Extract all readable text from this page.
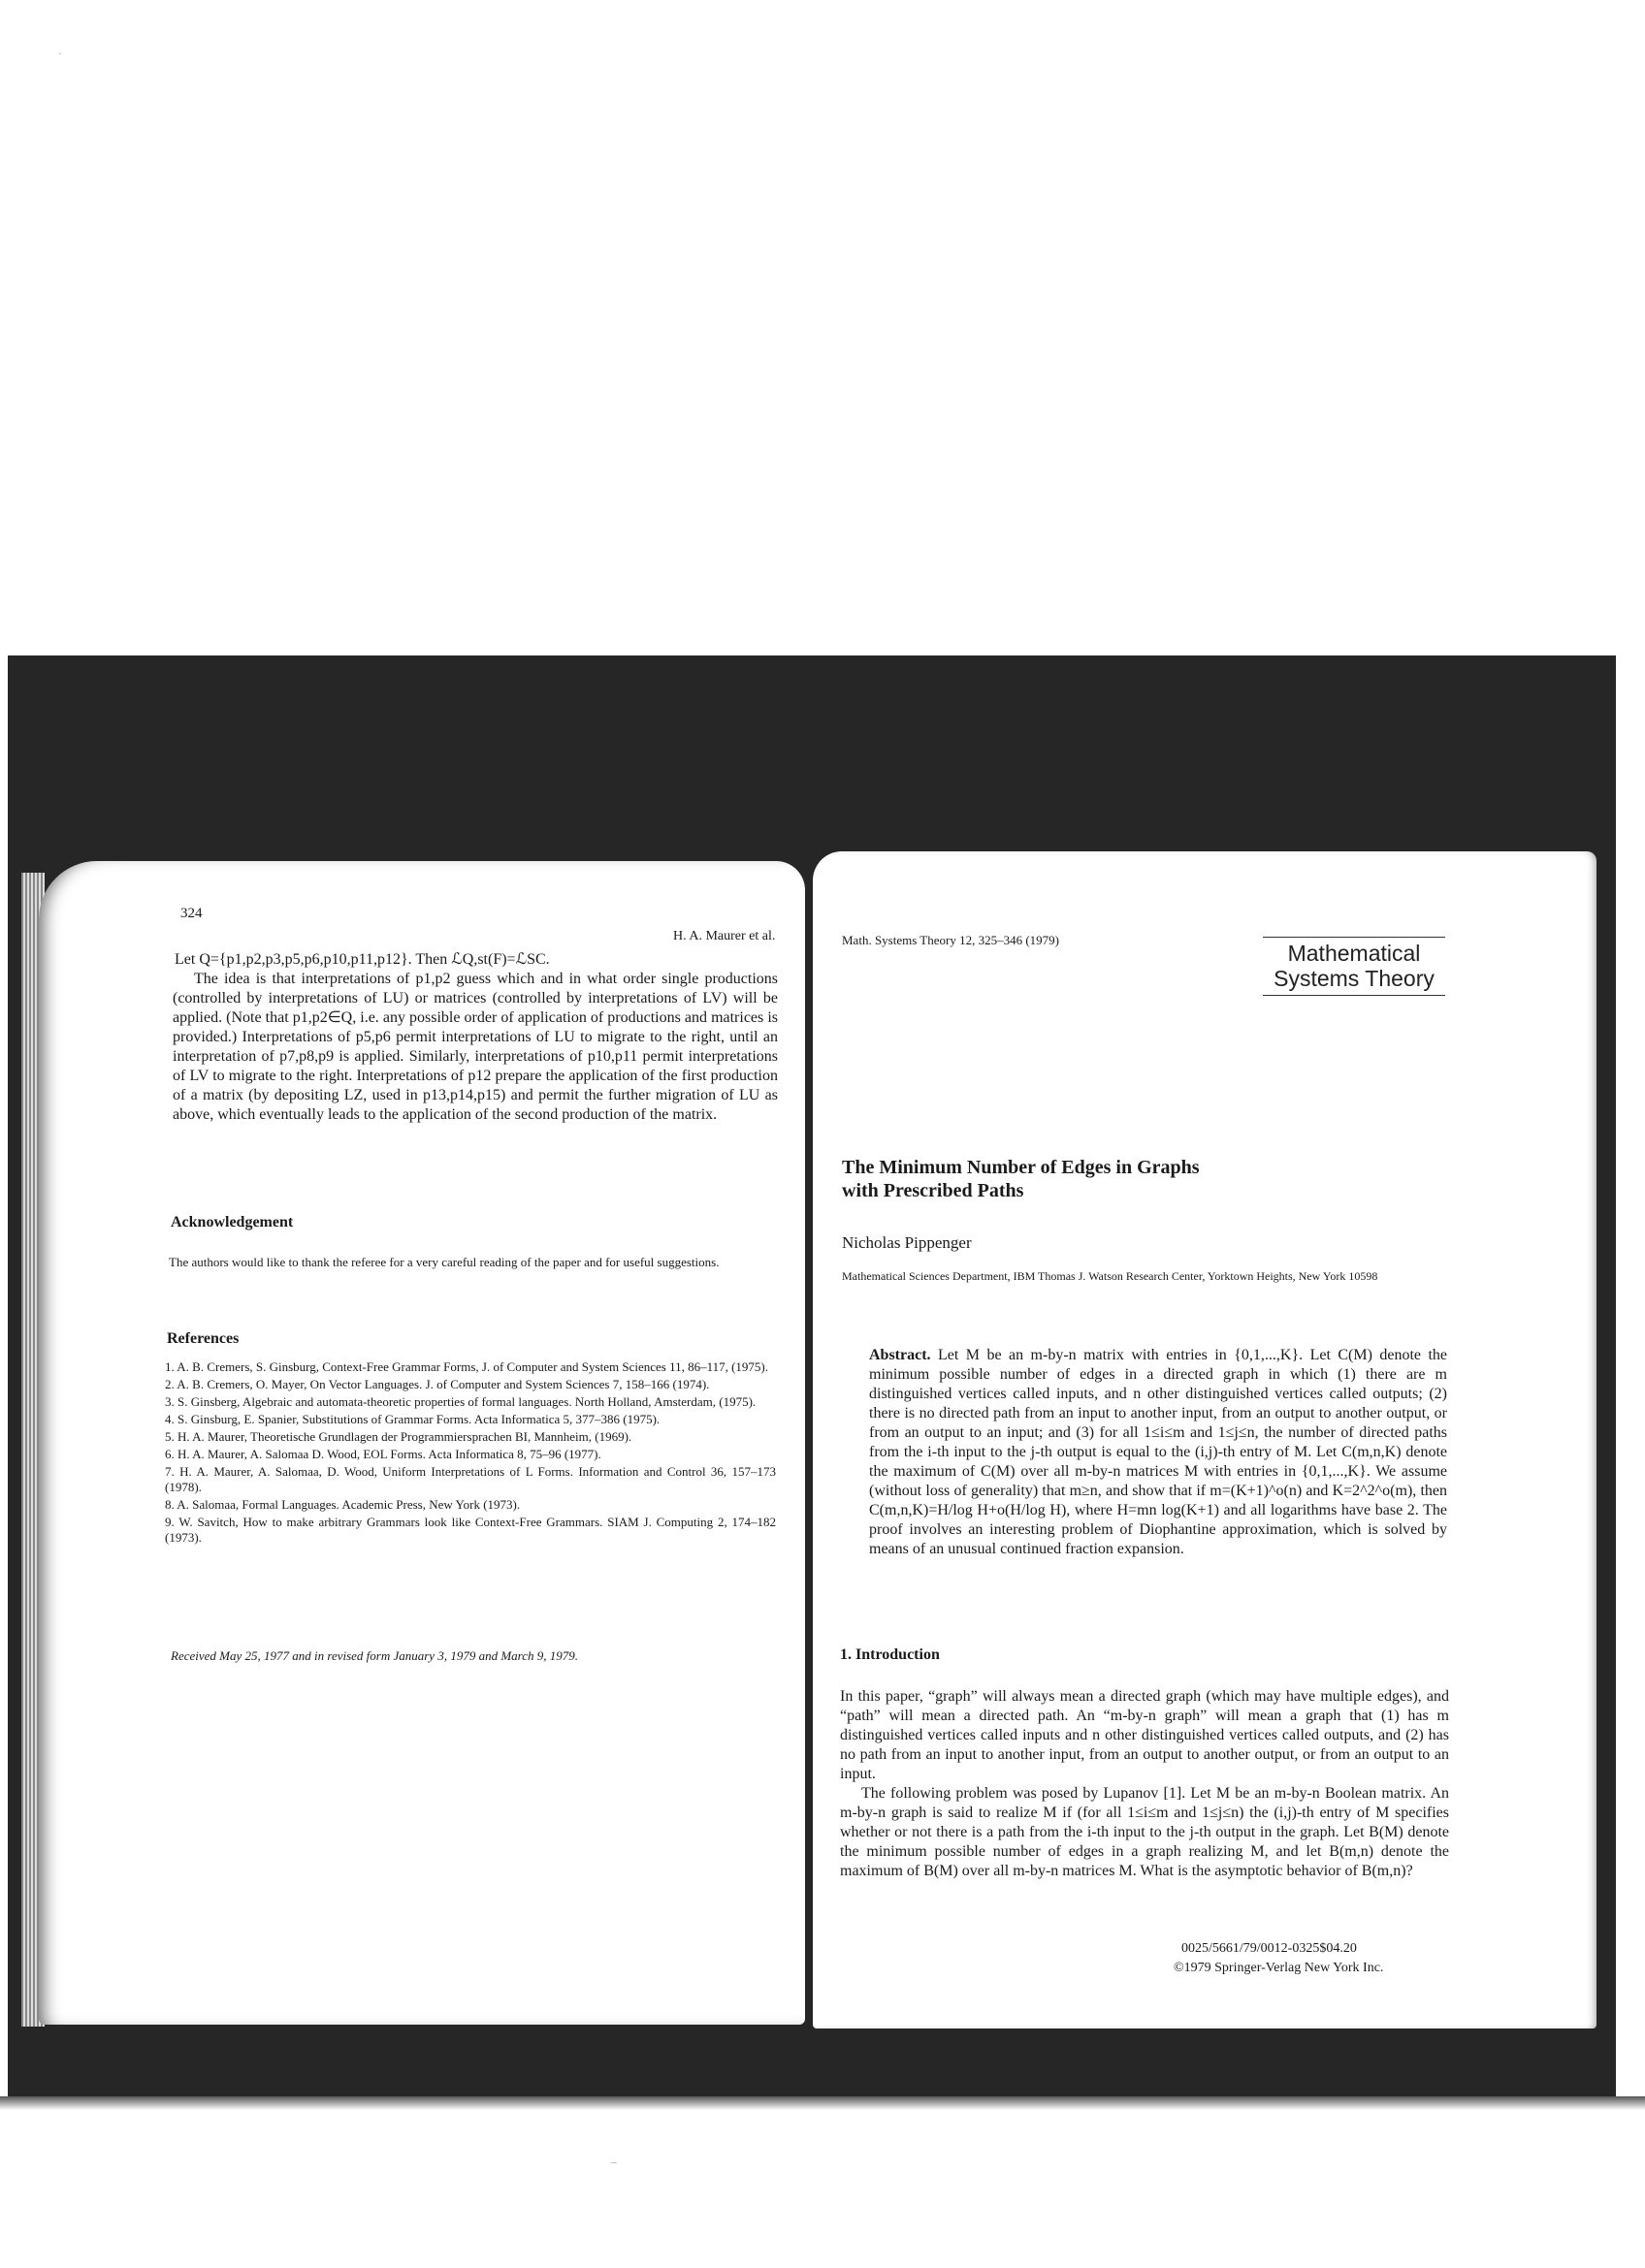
·
324
H. A. Maurer et al.
Let Q={p1,p2,p3,p5,p6,p10,p11,p12}. Then ℒQ,st(F)=ℒSC.
The idea is that interpretations of p1,p2 guess which and in what order single productions (controlled by interpretations of LU) or matrices (controlled by interpretations of LV) will be applied. (Note that p1,p2∈Q, i.e. any possible order of application of productions and matrices is provided.) Interpretations of p5,p6 permit interpretations of LU to migrate to the right, until an interpretation of p7,p8,p9 is applied. Similarly, interpretations of p10,p11 permit interpretations of LV to migrate to the right. Interpretations of p12 prepare the application of the first production of a matrix (by depositing LZ, used in p13,p14,p15) and permit the further migration of LU as above, which eventually leads to the application of the second production of the matrix.
Acknowledgement
The authors would like to thank the referee for a very careful reading of the paper and for useful suggestions.
References
1. A. B. Cremers, S. Ginsburg, Context-Free Grammar Forms, J. of Computer and System Sciences 11, 86–117, (1975).
2. A. B. Cremers, O. Mayer, On Vector Languages. J. of Computer and System Sciences 7, 158–166 (1974).
3. S. Ginsberg, Algebraic and automata-theoretic properties of formal languages. North Holland, Amsterdam, (1975).
4. S. Ginsburg, E. Spanier, Substitutions of Grammar Forms. Acta Informatica 5, 377–386 (1975).
5. H. A. Maurer, Theoretische Grundlagen der Programmiersprachen BI, Mannheim, (1969).
6. H. A. Maurer, A. Salomaa D. Wood, EOL Forms. Acta Informatica 8, 75–96 (1977).
7. H. A. Maurer, A. Salomaa, D. Wood, Uniform Interpretations of L Forms. Information and Control 36, 157–173 (1978).
8. A. Salomaa, Formal Languages. Academic Press, New York (1973).
9. W. Savitch, How to make arbitrary Grammars look like Context-Free Grammars. SIAM J. Computing 2, 174–182 (1973).
Received May 25, 1977 and in revised form January 3, 1979 and March 9, 1979.
Math. Systems Theory 12, 325–346 (1979)
Mathematical
Systems Theory
The Minimum Number of Edges in Graphs
with Prescribed Paths
Nicholas Pippenger
Mathematical Sciences Department, IBM Thomas J. Watson Research Center, Yorktown Heights, New York 10598
Abstract. Let M be an m-by-n matrix with entries in {0,1,...,K}. Let C(M) denote the minimum possible number of edges in a directed graph in which (1) there are m distinguished vertices called inputs, and n other distinguished vertices called outputs; (2) there is no directed path from an input to another input, from an output to another output, or from an output to an input; and (3) for all 1≤i≤m and 1≤j≤n, the number of directed paths from the i-th input to the j-th output is equal to the (i,j)-th entry of M. Let C(m,n,K) denote the maximum of C(M) over all m-by-n matrices M with entries in {0,1,...,K}. We assume (without loss of generality) that m≥n, and show that if m=(K+1)^o(n) and K=2^2^o(m), then C(m,n,K)=H/log H+o(H/log H), where H=mn log(K+1) and all logarithms have base 2. The proof involves an interesting problem of Diophantine approximation, which is solved by means of an unusual continued fraction expansion.
1. Introduction
In this paper, “graph” will always mean a directed graph (which may have multiple edges), and “path” will mean a directed path. An “m-by-n graph” will mean a graph that (1) has m distinguished vertices called inputs and n other distinguished vertices called outputs, and (2) has no path from an input to another input, from an output to another output, or from an output to an input.
The following problem was posed by Lupanov [1]. Let M be an m-by-n Boolean matrix. An m-by-n graph is said to realize M if (for all 1≤i≤m and 1≤j≤n) the (i,j)-th entry of M specifies whether or not there is a path from the i-th input to the j-th output in the graph. Let B(M) denote the minimum possible number of edges in a graph realizing M, and let B(m,n) denote the maximum of B(M) over all m-by-n matrices M. What is the asymptotic behavior of B(m,n)?
0025/5661/79/0012-0325$04.20
©1979 Springer-Verlag New York Inc.
–
